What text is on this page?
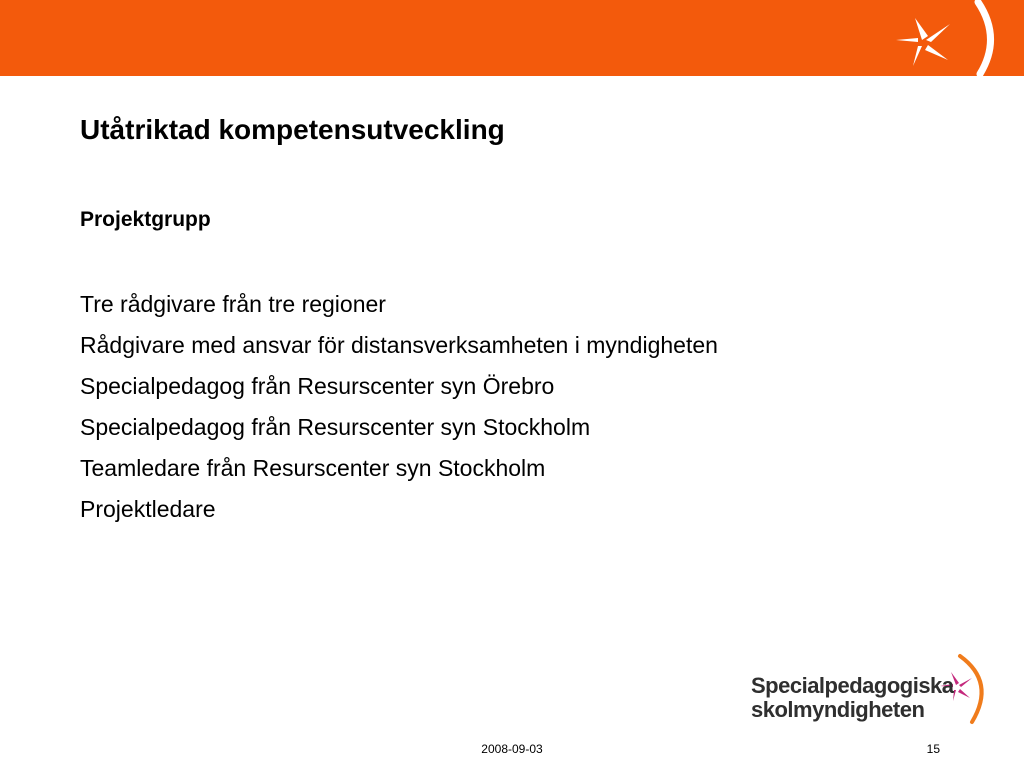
Utåtriktad kompetensutveckling
Projektgrupp
Tre rådgivare från tre regioner
Rådgivare med ansvar för distansverksamheten i myndigheten
Specialpedagog från Resurscenter syn Örebro
Specialpedagog från Resurscenter syn Stockholm
Teamledare från Resurscenter syn Stockholm
Projektledare
Specialpedagogiska
skolmyndigheten
2008-09-03	15
